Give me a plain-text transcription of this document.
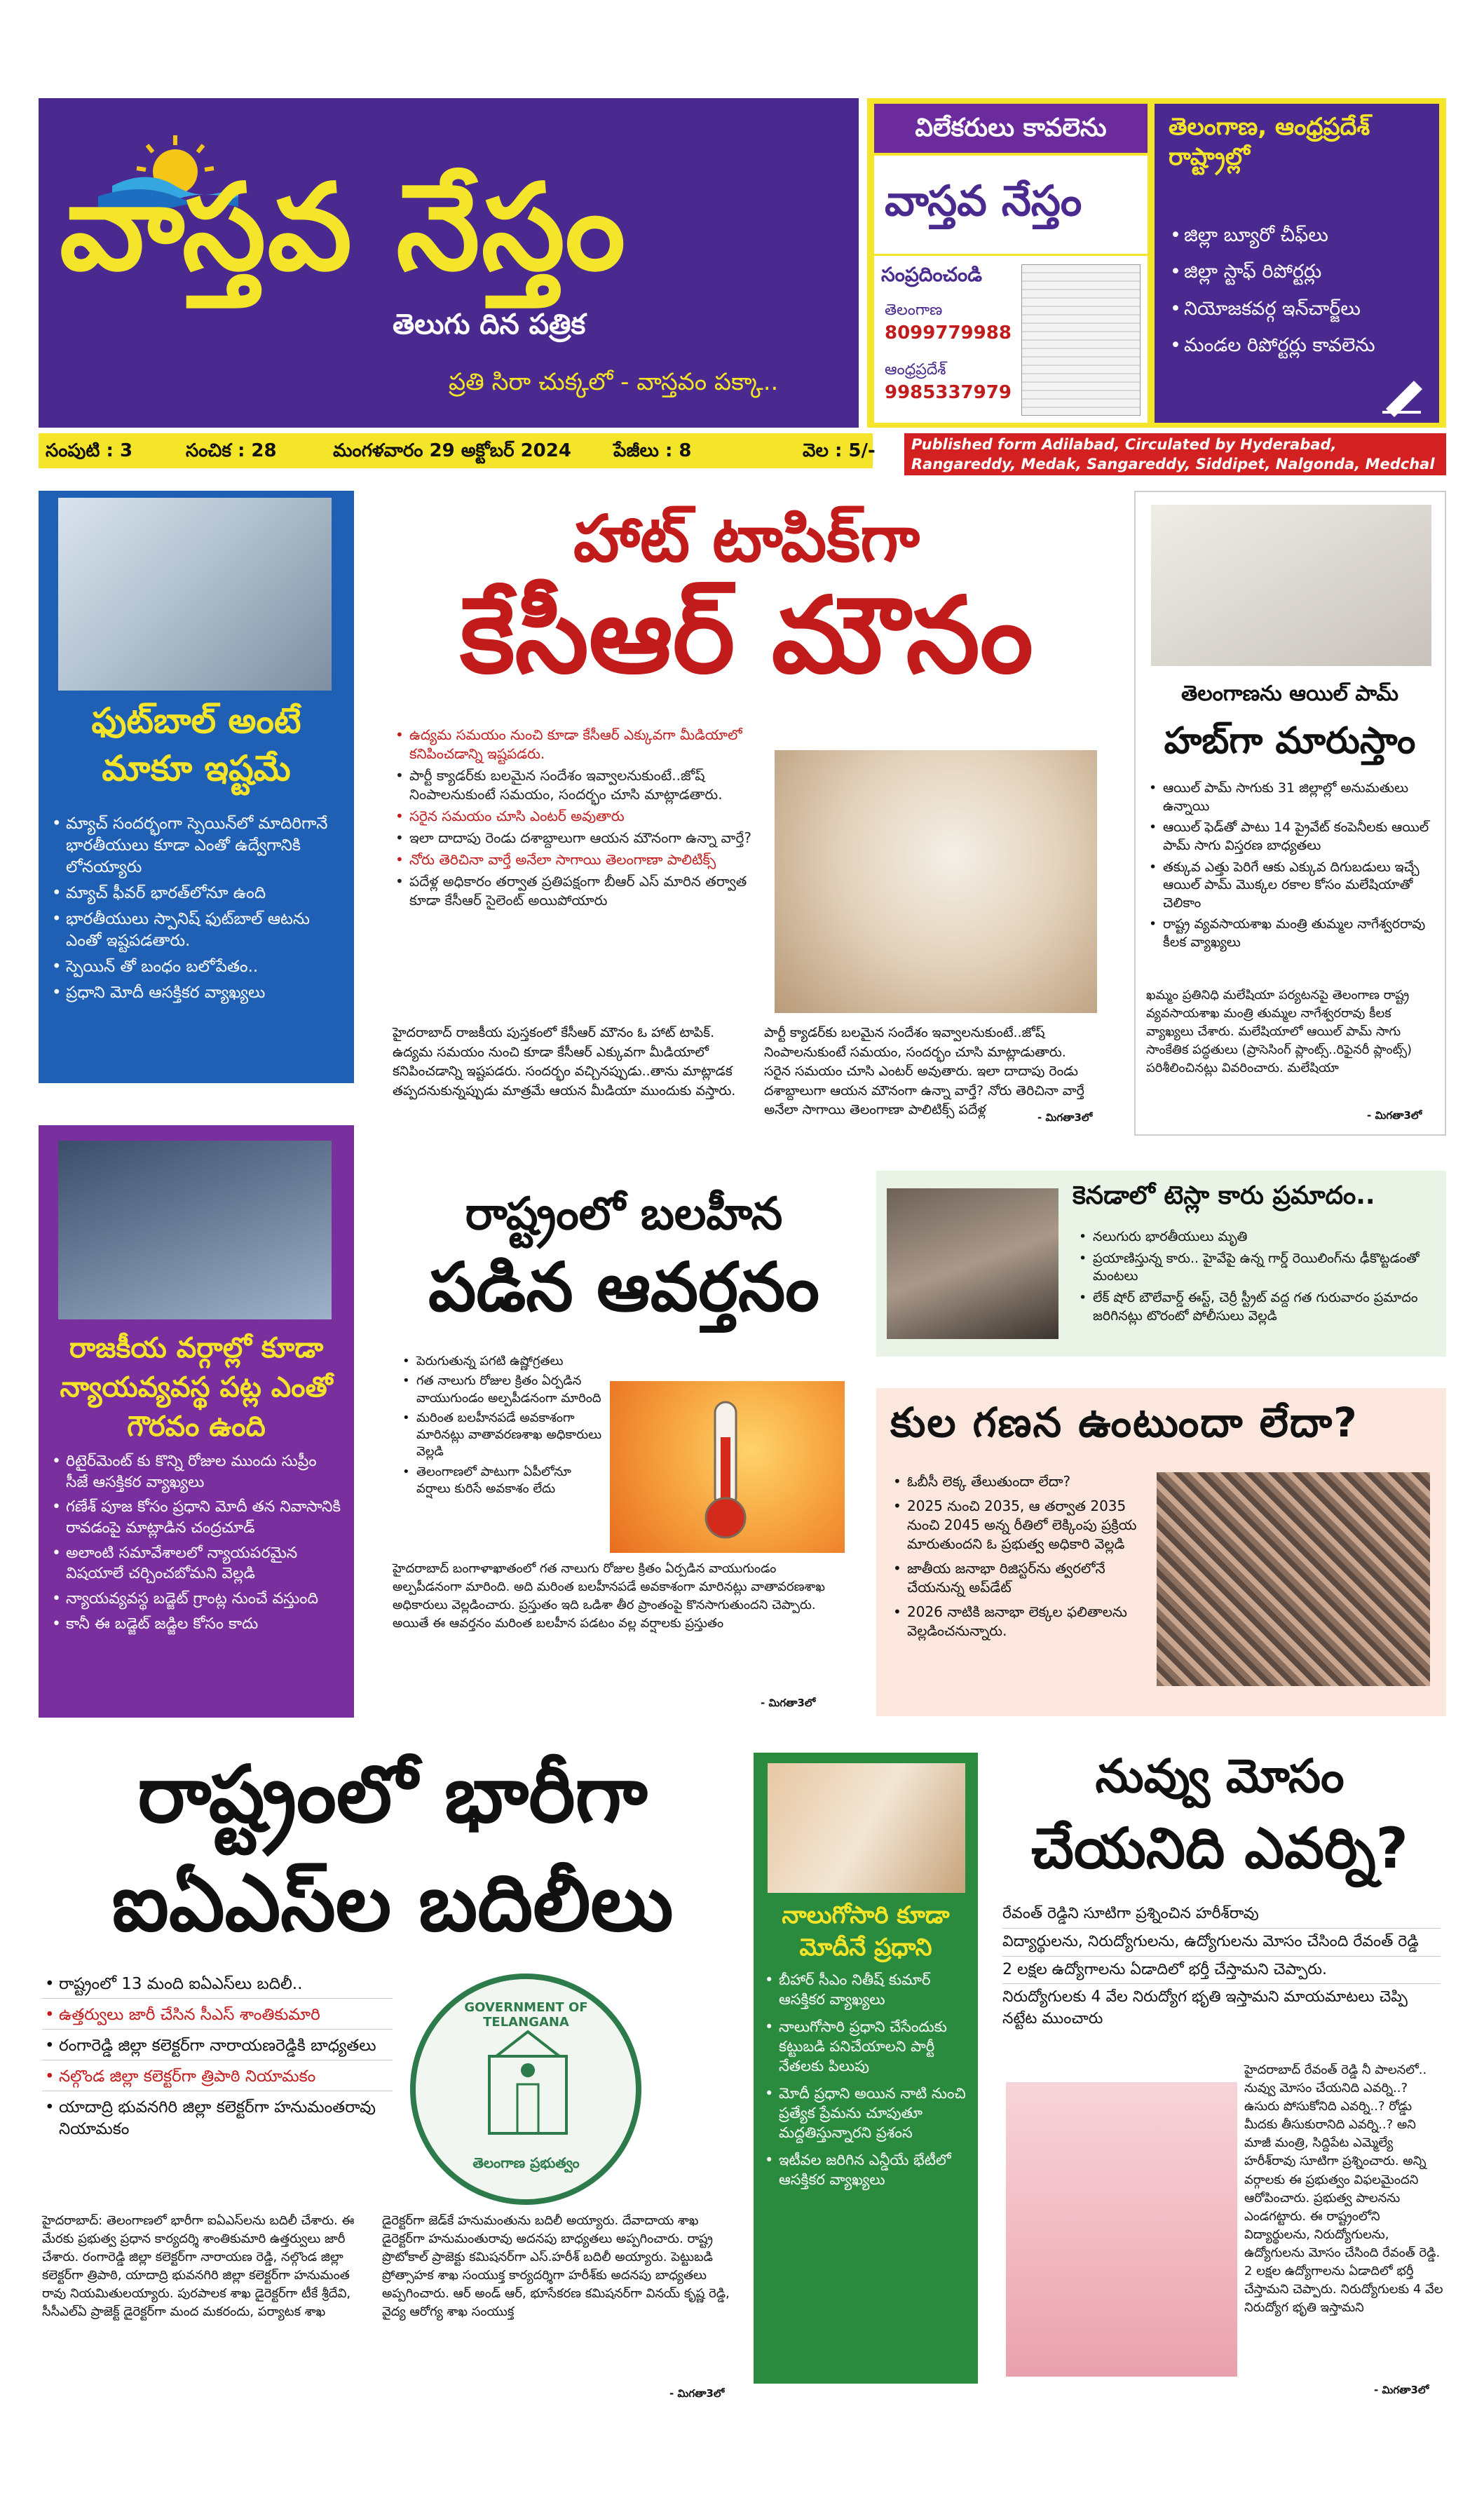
వాస్తవ నేస్తం
తెలుగు దిన పత్రిక
ప్రతి సిరా చుక్కలో - వాస్తవం పక్కా..
విలేకరులు కావలెను
వాస్తవ నేస్తం
సంప్రదించండి
తెలంగాణ
8099779988
ఆంధ్రప్రదేశ్
9985337979
తెలంగాణ, ఆంధ్రప్రదేశ్ రాష్ట్రాల్లో
• జిల్లా బ్యూరో చీఫ్‌లు
• జిల్లా స్టాఫ్ రిపోర్టర్లు
• నియోజకవర్గ ఇన్‌చార్జ్‌లు
• మండల రిపోర్టర్లు కావలెను
సంపుటి : 3	సంచిక : 28	మంగళవారం 29 అక్టోబర్ 2024 పేజీలు : 8	వెల : 5/-	Published form Adilabad, Circulated by Hyderabad, Rangareddy, Medak, Sangareddy, Siddipet, Nalgonda, Medchal Malkajgiri
ఫుట్‌బాల్ అంటే మాకూ ఇష్టమే
• మ్యాచ్ సందర్భంగా స్పెయిన్‌లో మాదిరిగానే భారతీయులు కూడా ఎంతో ఉద్వేగానికి లోనయ్యారు
• మ్యాచ్ ఫీవర్ భారత్‌లోనూ ఉంది
• భారతీయులు స్పానిష్ ఫుట్‌బాల్ ఆటను ఎంతో ఇష్టపడతారు.
• స్పెయిన్ తో బంధం బలోపేతం..
• ప్రధాని మోదీ ఆసక్తికర వ్యాఖ్యలు
హాట్ టాపిక్‌గా
కేసీఆర్ మౌనం
• ఉద్యమ సమయం నుంచి కూడా కేసీఆర్ ఎక్కువగా మీడియాలో కనిపించడాన్ని ఇష్టపడరు.
• పార్టీ క్యాడర్‌కు బలమైన సందేశం ఇవ్వాలనుకుంటే..జోష్ నింపాలనుకుంటే సమయం, సందర్భం చూసి మాట్లాడతారు.
• సరైన సమయం చూసి ఎంటర్ అవుతారు
• ఇలా దాదాపు రెండు దశాబ్దాలుగా ఆయన మౌనంగా ఉన్నా వార్తే?
• నోరు తెరిచినా వార్తే అనేలా సాగాయి తెలంగాణా పాలిటిక్స్
• పదేళ్ల అధికారం తర్వాత ప్రతిపక్షంగా బీఆర్ ఎస్ మారిన తర్వాత కూడా కేసీఆర్ సైలెంట్ అయిపోయారు
హైదరాబాద్ రాజకీయ పుస్తకంలో కేసీఆర్ మౌనం ఓ హాట్ టాపిక్. ఉద్యమ సమయం నుంచి కూడా కేసీఆర్ ఎక్కువగా మీడియాలో కనిపించడాన్ని ఇష్టపడరు. సందర్భం వచ్చినప్పుడు..తాను మాట్లాడక తప్పదనుకున్నప్పుడు మాత్రమే ఆయన మీడియా ముందుకు వస్తారు.
పార్టీ క్యాడర్‌కు బలమైన సందేశం ఇవ్వాలనుకుంటే..జోష్ నింపాలనుకుంటే సమయం, సందర్భం చూసి మాట్లాడుతారు. సరైన సమయం చూసి ఎంటర్ అవుతారు. ఇలా దాదాపు రెండు దశాబ్దాలుగా ఆయన మౌనంగా ఉన్నా వార్తే? నోరు తెరిచినా వార్తే అనేలా సాగాయి తెలంగాణా పాలిటిక్స్ పదేళ్ల	- మిగతా3లో
తెలంగాణను ఆయిల్ పామ్
హబ్‌గా మారుస్తాం
• ఆయిల్ పామ్ సాగుకు 31 జిల్లాల్లో అనుమతులు ఉన్నాయి
• ఆయిల్ ఫెడ్‌తో పాటు 14 ప్రైవేట్ కంపెనీలకు ఆయిల్ పామ్ సాగు విస్తరణ బాధ్యతలు
• తక్కువ ఎత్తు పెరిగే ఆకు ఎక్కువ దిగుబడులు ఇచ్చే ఆయిల్ పామ్ మొక్కల రకాల కోసం మలేషియాతో చెలికాం
• రాష్ట్ర వ్యవసాయశాఖ మంత్రి తుమ్మల నాగేశ్వరరావు కీలక వ్యాఖ్యలు
ఖమ్మం ప్రతినిధి మలేషియా పర్యటనపై తెలంగాణ రాష్ట్ర వ్యవసాయశాఖ మంత్రి తుమ్మల నాగేశ్వరరావు కీలక వ్యాఖ్యలు చేశారు. మలేషియాలో ఆయిల్ పామ్ సాగు సాంకేతిక పద్ధతులు (ప్రాసెసింగ్ ప్లాంట్స్..రిఫైనరీ ప్లాంట్స్) పరిశీలించినట్లు వివరించారు. మలేషియా
- మిగతా3లో
రాజకీయ వర్గాల్లో కూడా న్యాయవ్యవస్థ పట్ల ఎంతో గౌరవం ఉంది
• రిటైర్‌మెంట్ కు కొన్ని రోజుల ముందు సుప్రీం సీజే ఆసక్తికర వ్యాఖ్యలు
• గణేశ్ పూజ కోసం ప్రధాని మోదీ తన నివాసానికి రావడంపై మాట్లాడిన చంద్రచూడ్
• అలాంటి సమావేశాలలో న్యాయపరమైన విషయాలే చర్చించబోమని వెల్లడి
• న్యాయవ్యవస్థ బడ్జెట్ గ్రాంట్ల నుంచే వస్తుంది
• కానీ ఈ బడ్జెట్ జడ్జిల కోసం కాదు
రాష్ట్రంలో బలహీన
పడిన ఆవర్తనం
• పెరుగుతున్న పగటి ఉష్ణోగ్రతలు
• గత నాలుగు రోజుల క్రితం ఏర్పడిన వాయుగుండం అల్పపీడనంగా మారింది
• మరింత బలహీనపడే అవకాశంగా మారినట్లు వాతావరణశాఖ అధికారులు వెల్లడి
• తెలంగాణలో పాటుగా ఏపీలోనూ వర్షాలు కురిసే అవకాశం లేదు
హైదరాబాద్ బంగాళాఖాతంలో గత నాలుగు రోజుల క్రితం ఏర్పడిన వాయుగుండం అల్పపీడనంగా మారింది. అది మరింత బలహీనపడే అవకాశంగా మారినట్లు వాతావరణశాఖ అధికారులు వెల్లడించారు. ప్రస్తుతం ఇది ఒడిశా తీర ప్రాంతంపై కొనసాగుతుందని చెప్పారు. అయితే ఈ ఆవర్తనం మరింత బలహీన పడటం వల్ల వర్షాలకు ప్రస్తుతం
- మిగతా3లో
కెనడాలో టెస్లా కారు ప్రమాదం..
• నలుగురు భారతీయులు మృతి
• ప్రయాణిస్తున్న కారు.. హైవేపై ఉన్న గార్డ్ రెయిలింగ్‌ను ఢీకొట్టడంతో మంటలు
• లేక్ షోర్ బౌలేవార్డ్ ఈస్ట్, చెర్రీ స్ట్రీట్ వద్ద గత గురువారం ప్రమాదం జరిగినట్లు టొరంటో పోలీసులు వెల్లడి
కుల గణన ఉంటుందా లేదా?
• ఓబీసీ లెక్క తేలుతుందా లేదా?
• 2025 నుంచి 2035, ఆ తర్వాత 2035 నుంచి 2045 అన్న రీతిలో లెక్కింపు ప్రక్రియ మారుతుందని ఓ ప్రభుత్వ అధికారి వెల్లడి
• జాతీయ జనాభా రిజిస్టర్‌ను త్వరలోనే చేయనున్న అప్‌డేట్
• 2026 నాటికి జనాభా లెక్కల ఫలితాలను వెల్లడించనున్నారు.
రాష్ట్రంలో భారీగా
ఐఏఎస్‌ల బదిలీలు
• రాష్ట్రంలో 13 మంది ఐఏఎస్‌లు బదిలీ..
• ఉత్తర్వులు జారీ చేసిన సీఎస్ శాంతికుమారి
• రంగారెడ్డి జిల్లా కలెక్టర్‌గా నారాయణరెడ్డికి బాధ్యతలు
• నల్గొండ జిల్లా కలెక్టర్‌గా త్రిపాఠి నియామకం
• యాదాద్రి భువనగిరి జిల్లా కలెక్టర్‌గా హనుమంతరావు నియామకం
GOVERNMENT OF TELANGANA
తెలంగాణ ప్రభుత్వం
హైదరాబాద్: తెలంగాణలో భారీగా ఐఏఎస్‌లను బదిలీ చేశారు. ఈ మేరకు ప్రభుత్వ ప్రధాన కార్యదర్శి శాంతికుమారి ఉత్తర్వులు జారీ చేశారు. రంగారెడ్డి జిల్లా కలెక్టర్‌గా నారాయణ రెడ్డి, నల్గొండ జిల్లా కలెక్టర్‌గా త్రిపాఠి, యాదాద్రి భువనగిరి జిల్లా కలెక్టర్‌గా హనుమంత రావు నియమితులయ్యారు. పురపాలక శాఖ డైరెక్టర్‌గా టీకే శ్రీదేవి, సీసీఎల్ఏ ప్రాజెక్ట్ డైరెక్టర్‌గా మంద మకరందు, పర్యాటక శాఖ
డైరెక్టర్‌గా జెడ్‌కే హనుమంతును బదిలీ అయ్యారు. దేవాదాయ శాఖ డైరెక్టర్‌గా హనుమంతురావు అదనపు బాధ్యతలు అప్పగించారు. రాష్ట్ర ప్రొటోకాల్ ప్రాజెక్టు కమిషనర్‌గా ఎస్.హరీశ్ బదిలీ అయ్యారు. పెట్టుబడి ప్రోత్సాహక శాఖ సంయుక్త కార్యదర్శిగా హరీశ్‌కు అదనపు బాధ్యతలు అప్పగించారు. ఆర్ అండ్ ఆర్, భూసేకరణ కమిషనర్‌గా వినయ్ కృష్ణ రెడ్డి, వైద్య ఆరోగ్య శాఖ సంయుక్త
- మిగతా3లో
నాలుగోసారి కూడా మోదీనే ప్రధాని
• బీహార్ సీఎం నితీష్ కుమార్ ఆసక్తికర వ్యాఖ్యలు
• నాలుగోసారి ప్రధాని చేసేందుకు కట్టుబడి పనిచేయాలని పార్టీ నేతలకు పిలుపు
• మోదీ ప్రధాని అయిన నాటి నుంచి ప్రత్యేక ప్రేమను చూపుతూ మద్దతిస్తున్నారని ప్రశంస
• ఇటీవల జరిగిన ఎన్డీయే భేటీలో ఆసక్తికర వ్యాఖ్యలు
నువ్వు మోసం
చేయనిది ఎవర్ని?
రేవంత్ రెడ్డిని సూటిగా ప్రశ్నించిన హరీశ్‌రావు
విద్యార్థులను, నిరుద్యోగులను, ఉద్యోగులను మోసం చేసింది రేవంత్ రెడ్డి
2 లక్షల ఉద్యోగాలను ఏడాదిలో భర్తీ చేస్తామని చెప్పారు.
నిరుద్యోగులకు 4 వేల నిరుద్యోగ భృతి ఇస్తామని మాయమాటలు చెప్పి నట్టేట ముంచారు
హైదరాబాద్ రేవంత్ రెడ్డి నీ పాలనలో.. నువ్వు మోసం చేయనిది ఎవర్ని..? ఉసురు పోసుకోనిది ఎవర్ని..? రోడ్డు మీదకు తీసుకురానిది ఎవర్ని..? అని మాజీ మంత్రి, సిద్దిపేట ఎమ్మెల్యే హరీశ్‌రావు సూటిగా ప్రశ్నించారు. అన్ని వర్గాలకు ఈ ప్రభుత్వం విఫలమైందని ఆరోపించారు. ప్రభుత్వ పాలనను ఎండగట్టారు. ఈ రాష్ట్రంలోని విద్యార్థులను, నిరుద్యోగులను, ఉద్యోగులను మోసం చేసింది రేవంత్ రెడ్డి. 2 లక్షల ఉద్యోగాలను ఏడాదిలో భర్తీ చేస్తామని చెప్పారు. నిరుద్యోగులకు 4 వేల నిరుద్యోగ భృతి ఇస్తామని
- మిగతా3లో
